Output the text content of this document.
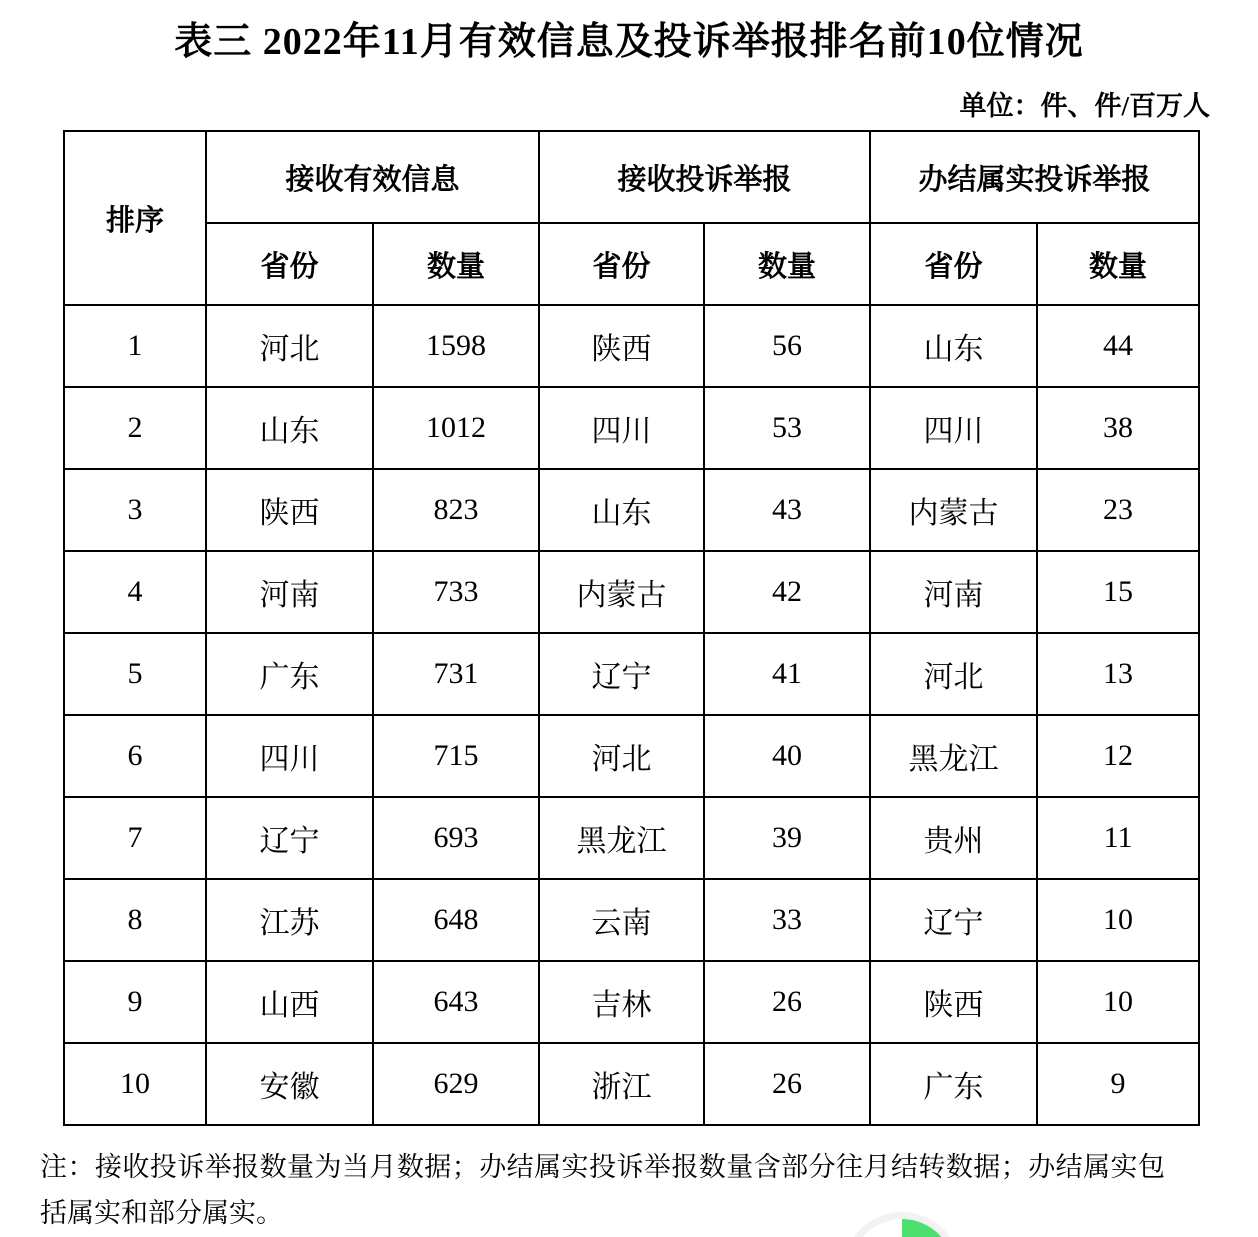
表三 2022年11月有效信息及投诉举报排名前10位情况
单位：件、件/百万人
排序	接收有效信息		接收投诉举报		办结属实投诉举报	
	省份	数量	省份	数量	省份	数量
1	河北	1598	陕西	56	山东	44
2	山东	1012	四川	53	四川	38
3	陕西	823	山东	43	内蒙古	23
4	河南	733	内蒙古	42	河南	15
5	广东	731	辽宁	41	河北	13
6	四川	715	河北	40	黑龙江	12
7	辽宁	693	黑龙江	39	贵州	11
8	江苏	648	云南	33	辽宁	10
9	山西	643	吉林	26	陕西	10
10	安徽	629	浙江	26	广东	9
注：接收投诉举报数量为当月数据；办结属实投诉举报数量含部分往月结转数据；办结属实包括属实和部分属实。
